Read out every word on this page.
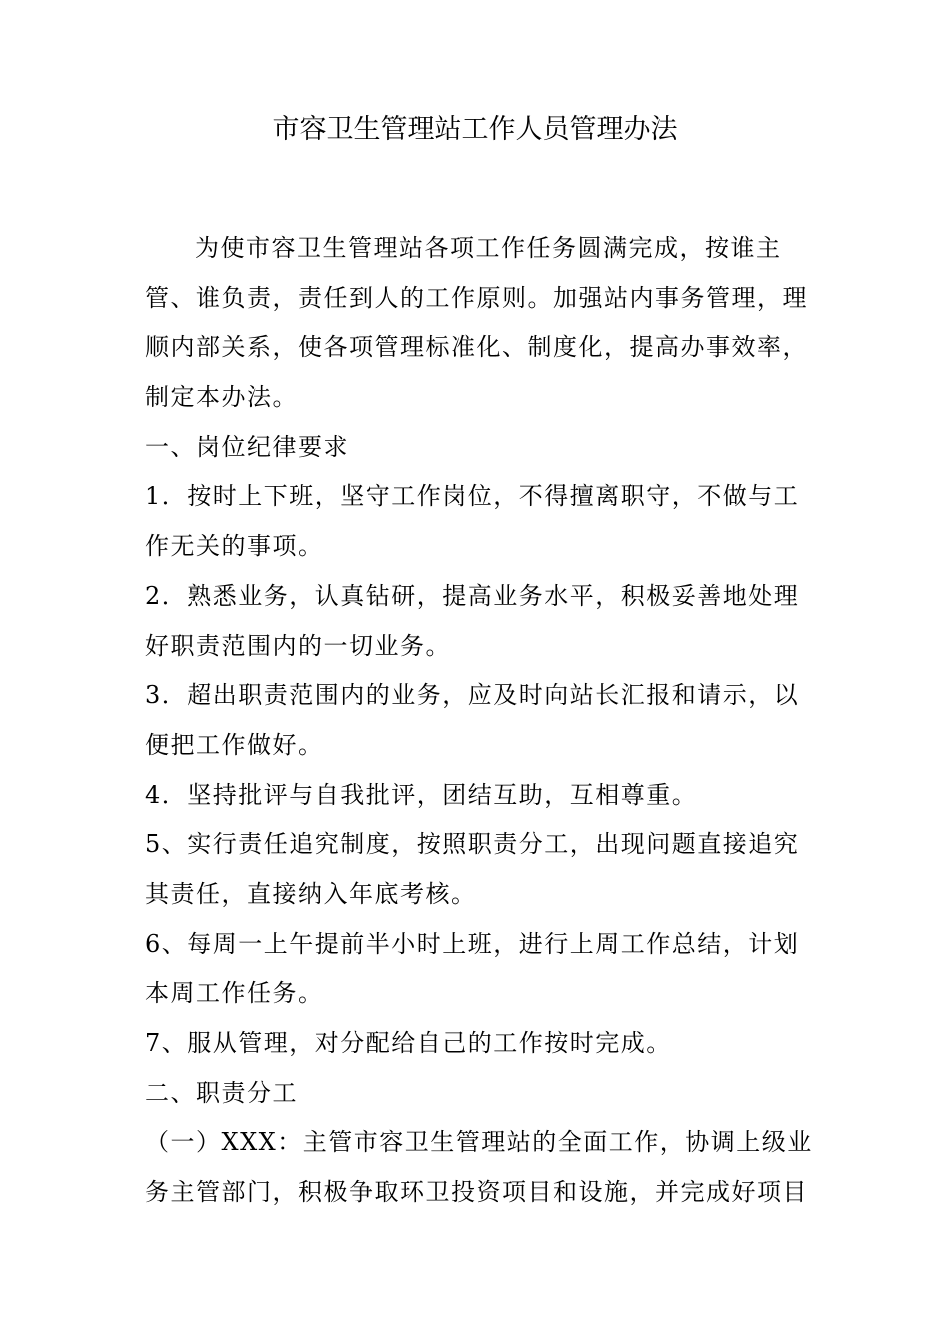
市容卫生管理站工作人员管理办法
为使市容卫生管理站各项工作任务圆满完成，按谁主
管、谁负责，责任到人的工作原则。加强站内事务管理，理
顺内部关系，使各项管理标准化、制度化，提高办事效率，
制定本办法。
一、岗位纪律要求
1．按时上下班，坚守工作岗位，不得擅离职守，不做与工
作无关的事项。
2．熟悉业务，认真钻研，提高业务水平，积极妥善地处理
好职责范围内的一切业务。
3．超出职责范围内的业务，应及时向站长汇报和请示，以
便把工作做好。
4．坚持批评与自我批评，团结互助，互相尊重。
5、实行责任追究制度，按照职责分工，出现问题直接追究
其责任，直接纳入年底考核。
6、每周一上午提前半小时上班，进行上周工作总结，计划
本周工作任务。
7、服从管理，对分配给自己的工作按时完成。
二、职责分工
（一）XXX：主管市容卫生管理站的全面工作，协调上级业
务主管部门，积极争取环卫投资项目和设施，并完成好项目
